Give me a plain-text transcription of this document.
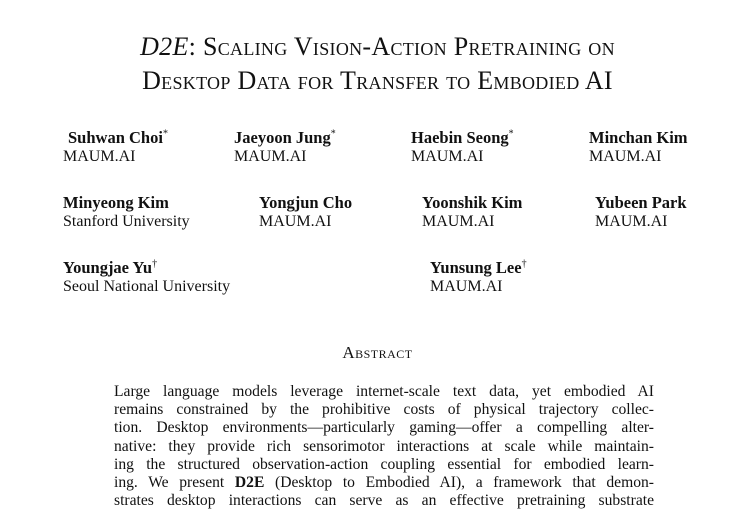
D2E: Scaling Vision-Action Pretraining on
Desktop Data for Transfer to Embodied AI
Suhwan Choi*
MAUM.AI
Jaeyoon Jung*
MAUM.AI
Haebin Seong*
MAUM.AI
Minchan Kim
MAUM.AI
Minyeong Kim
Stanford University
Yongjun Cho
MAUM.AI
Yoonshik Kim
MAUM.AI
Yubeen Park
MAUM.AI
Youngjae Yu†
Seoul National University
Yunsung Lee†
MAUM.AI
Abstract
Large language models leverage internet-scale text data, yet embodied AI
remains constrained by the prohibitive costs of physical trajectory collec-
tion. Desktop environments—particularly gaming—offer a compelling alter-
native: they provide rich sensorimotor interactions at scale while maintain-
ing the structured observation-action coupling essential for embodied learn-
ing. We present D2E (Desktop to Embodied AI), a framework that demon-
strates desktop interactions can serve as an effective pretraining substrate
